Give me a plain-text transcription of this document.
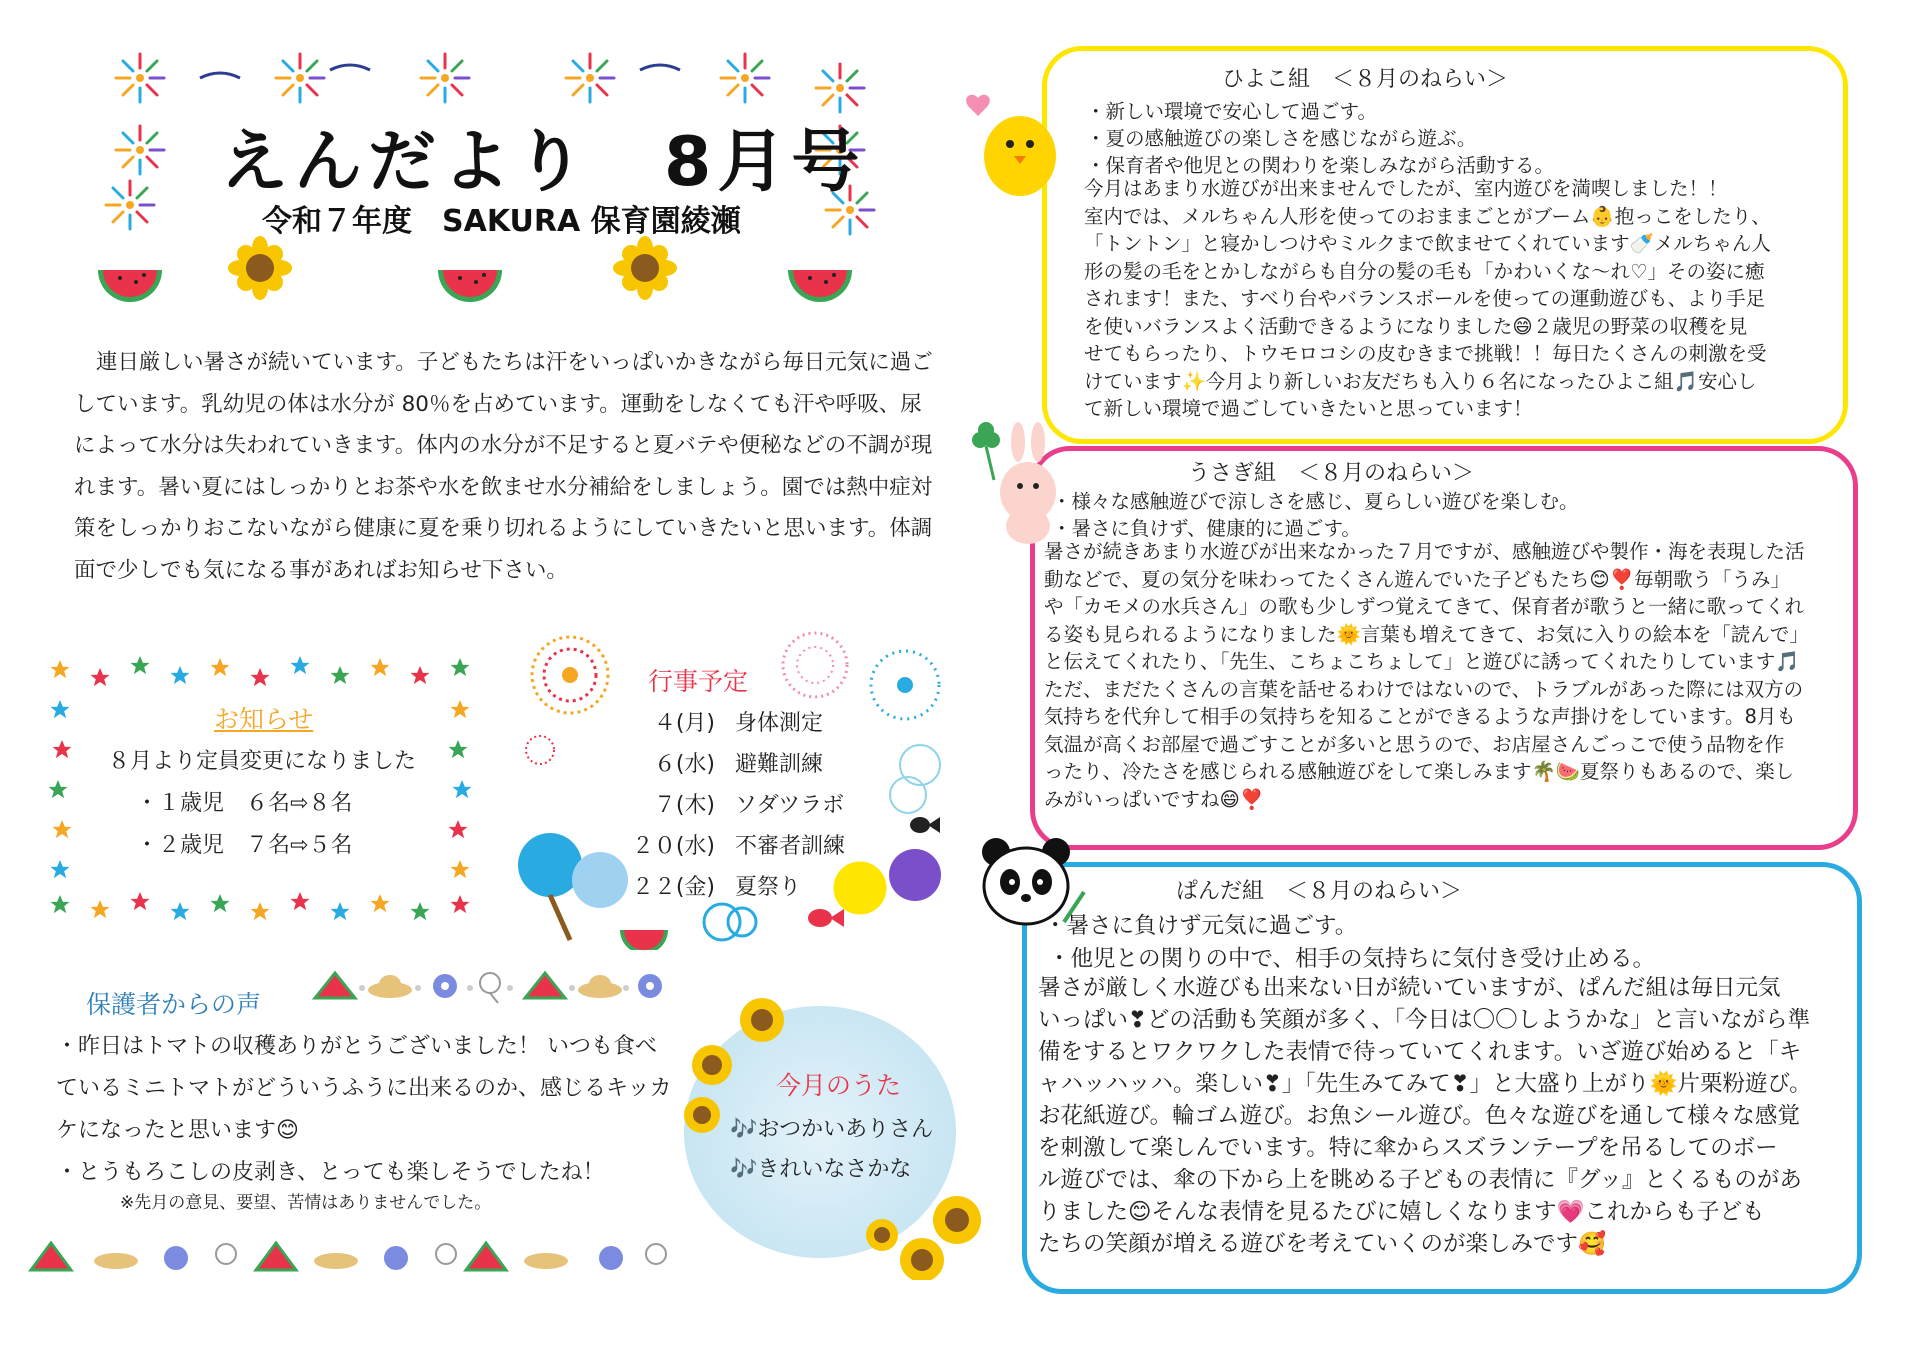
えんだより　8月号
令和７年度　SAKURA 保育園綾瀬
連日厳しい暑さが続いています。子どもたちは汗をいっぱいかきながら毎日元気に過ごしています。乳幼児の体は水分が 80％を占めています。運動をしなくても汗や呼吸、尿によって水分は失われていきます。体内の水分が不足すると夏バテや便秘などの不調が現れます。暑い夏にはしっかりとお茶や水を飲ませ水分補給をしましょう。園では熱中症対策をしっかりおこないながら健康に夏を乗り切れるようにしていきたいと思います。体調面で少しでも気になる事があればお知らせ下さい。
お知らせ
８月より定員変更になりました
・１歳児　６名⇨８名
・２歳児　７名⇨５名
行事予定
４(月) 身体測定
６(水) 避難訓練
７(木) ソダツラボ
２０(水) 不審者訓練
２２(金) 夏祭り
保護者からの声
・昨日はトマトの収穫ありがとうございました！ いつも食べているミニトマトがどういうふうに出来るのか、感じるキッカケになったと思います😊
・とうもろこしの皮剥き、とっても楽しそうでしたね！
※先月の意見、要望、苦情はありませんでした。
今月のうた
🎶おつかいありさん
🎶きれいなさかな
ひよこ組　＜８月のねらい＞
・新しい環境で安心して過ごす。
・夏の感触遊びの楽しさを感じながら遊ぶ。
・保育者や他児との関わりを楽しみながら活動する。
今月はあまり水遊びが出来ませんでしたが、室内遊びを満喫しました！！
室内では、メルちゃん人形を使ってのおままごとがブーム👶抱っこをしたり、
「トントン」と寝かしつけやミルクまで飲ませてくれています🍼メルちゃん人
形の髪の毛をとかしながらも自分の髪の毛も「かわいくな〜れ♡」その姿に癒
されます！また、すべり台やバランスボールを使っての運動遊びも、より手足
を使いバランスよく活動できるようになりました😄２歳児の野菜の収穫を見
せてもらったり、トウモロコシの皮むきまで挑戦！！毎日たくさんの刺激を受
けています✨今月より新しいお友だちも入り６名になったひよこ組🎵安心し
て新しい環境で過ごしていきたいと思っています！
うさぎ組　＜８月のねらい＞
・様々な感触遊びで涼しさを感じ、夏らしい遊びを楽しむ。
・暑さに負けず、健康的に過ごす。
暑さが続きあまり水遊びが出来なかった７月ですが、感触遊びや製作・海を表現した活
動などで、夏の気分を味わってたくさん遊んでいた子どもたち😊❣️毎朝歌う「うみ」
や「カモメの水兵さん」の歌も少しずつ覚えてきて、保育者が歌うと一緒に歌ってくれ
る姿も見られるようになりました🌞言葉も増えてきて、お気に入りの絵本を「読んで」
と伝えてくれたり、「先生、こちょこちょして」と遊びに誘ってくれたりしています🎵
ただ、まだたくさんの言葉を話せるわけではないので、トラブルがあった際には双方の
気持ちを代弁して相手の気持ちを知ることができるような声掛けをしています。8月も
気温が高くお部屋で過ごすことが多いと思うので、お店屋さんごっこで使う品物を作
ったり、冷たさを感じられる感触遊びをして楽しみます🌴🍉夏祭りもあるので、楽し
みがいっぱいですね😄❣️
ぱんだ組　＜８月のねらい＞
・暑さに負けず元気に過ごす。
・他児との関りの中で、相手の気持ちに気付き受け止める。
暑さが厳しく水遊びも出来ない日が続いていますが、ぱんだ組は毎日元気
いっぱい❣どの活動も笑顔が多く、「今日は〇〇しようかな」と言いながら準
備をするとワクワクした表情で待っていてくれます。いざ遊び始めると「キ
ャハッハッハ。楽しい❣」「先生みてみて❣」と大盛り上がり🌞片栗粉遊び。
お花紙遊び。輪ゴム遊び。お魚シール遊び。色々な遊びを通して様々な感覚
を刺激して楽しんでいます。特に傘からスズランテープを吊るしてのボー
ル遊びでは、傘の下から上を眺める子どもの表情に『グッ』とくるものがあ
りました😊そんな表情を見るたびに嬉しくなります💗これからも子ども
たちの笑顔が増える遊びを考えていくのが楽しみです🥰
